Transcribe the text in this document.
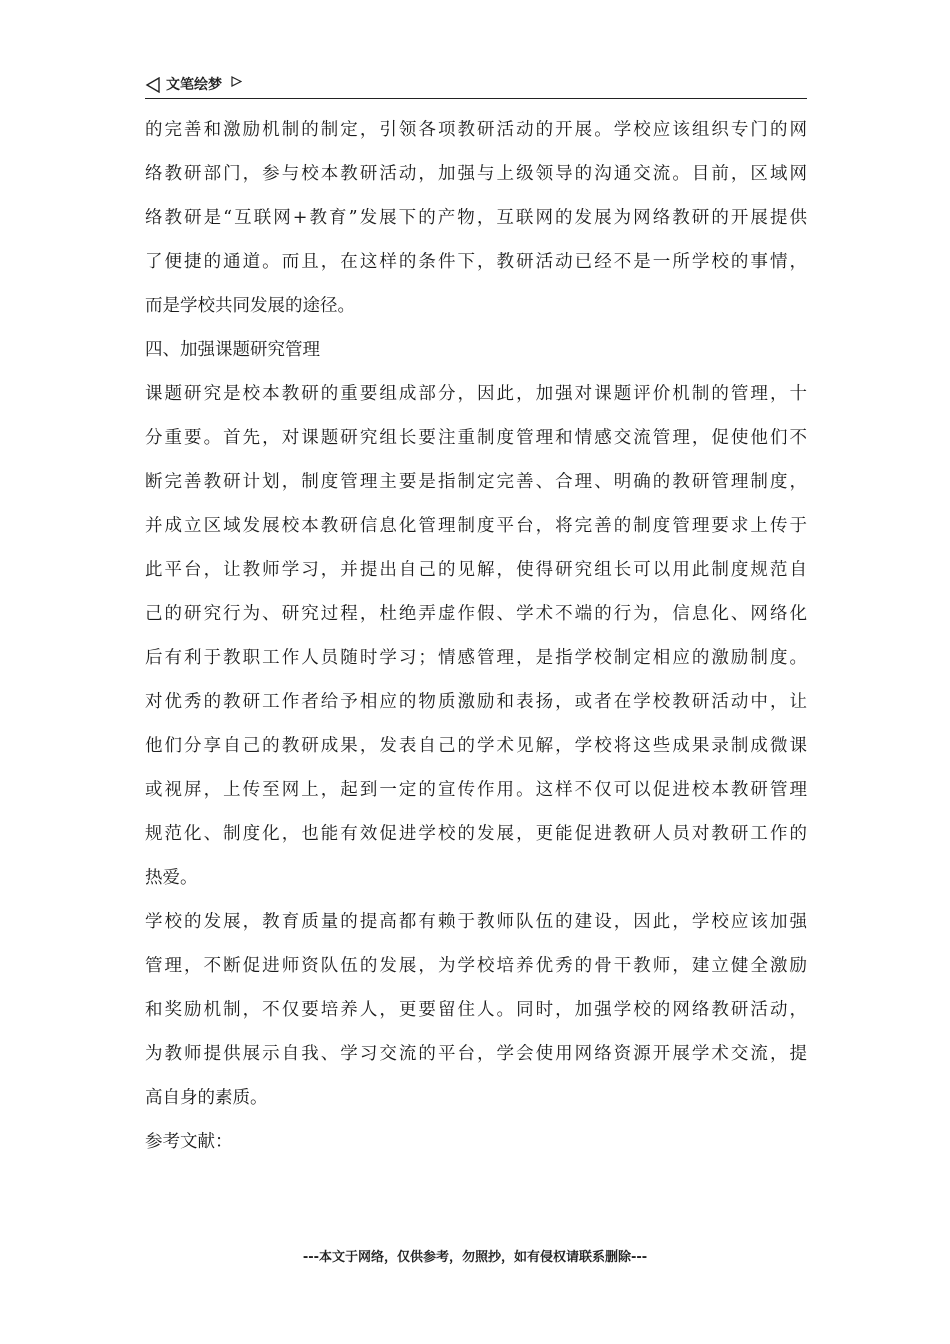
文笔绘梦
的完善和激励机制的制定，引领各项教研活动的开展。学校应该组织专门的网
络教研部门，参与校本教研活动，加强与上级领导的沟通交流。目前，区域网
络教研是“互联网+教育”发展下的产物，互联网的发展为网络教研的开展提供
了便捷的通道。而且，在这样的条件下，教研活动已经不是一所学校的事情，
而是学校共同发展的途径。
四、加强课题研究管理
课题研究是校本教研的重要组成部分，因此，加强对课题评价机制的管理，十
分重要。首先，对课题研究组长要注重制度管理和情感交流管理，促使他们不
断完善教研计划，制度管理主要是指制定完善、合理、明确的教研管理制度，
并成立区域发展校本教研信息化管理制度平台，将完善的制度管理要求上传于
此平台，让教师学习，并提出自己的见解，使得研究组长可以用此制度规范自
己的研究行为、研究过程，杜绝弄虚作假、学术不端的行为，信息化、网络化
后有利于教职工作人员随时学习；情感管理，是指学校制定相应的激励制度。
对优秀的教研工作者给予相应的物质激励和表扬，或者在学校教研活动中，让
他们分享自己的教研成果，发表自己的学术见解，学校将这些成果录制成微课
或视屏，上传至网上，起到一定的宣传作用。这样不仅可以促进校本教研管理
规范化、制度化，也能有效促进学校的发展，更能促进教研人员对教研工作的
热爱。
学校的发展，教育质量的提高都有赖于教师队伍的建设，因此，学校应该加强
管理，不断促进师资队伍的发展，为学校培养优秀的骨干教师，建立健全激励
和奖励机制，不仅要培养人，更要留住人。同时，加强学校的网络教研活动，
为教师提供展示自我、学习交流的平台，学会使用网络资源开展学术交流，提
高自身的素质。
参考文献：
---本文于网络，仅供参考，勿照抄，如有侵权请联系删除---
